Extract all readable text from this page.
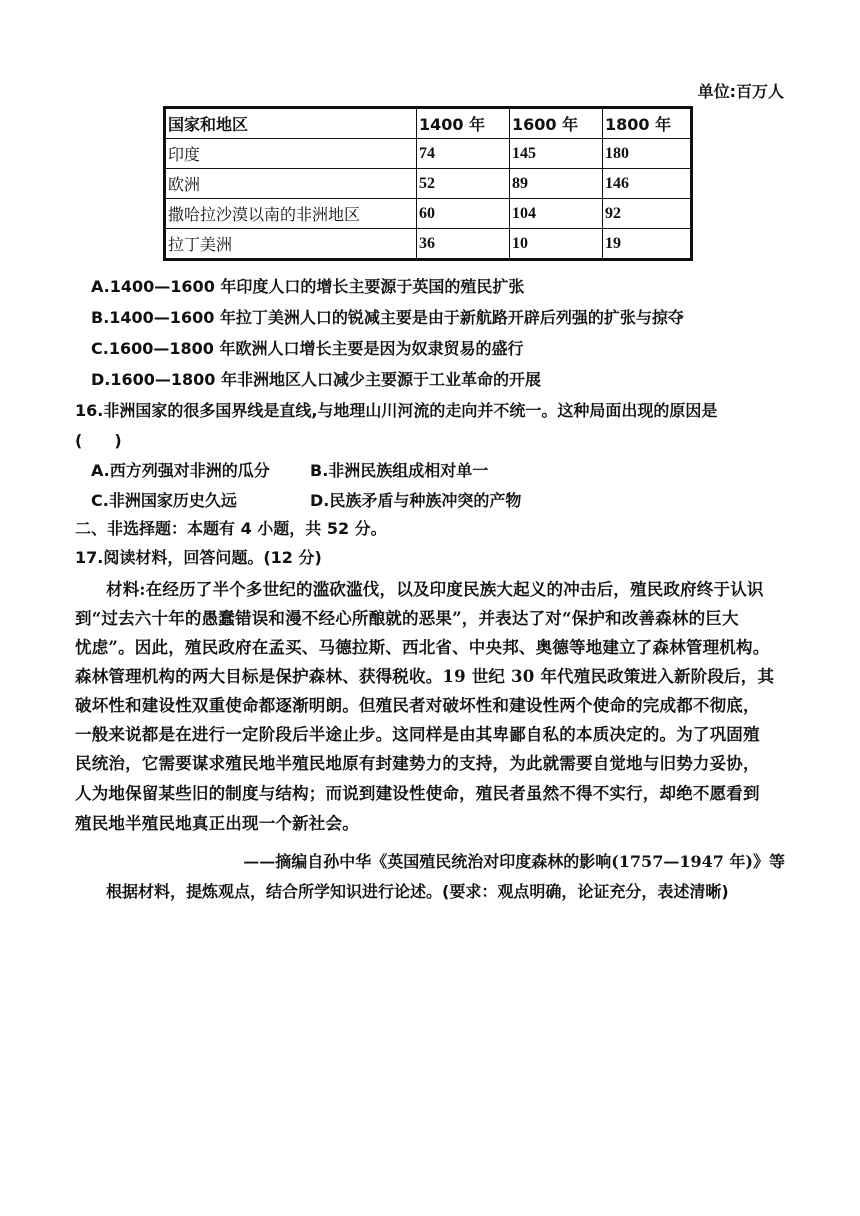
单位:百万人
国家和地区	1400 年	1600 年	1800 年
印度	74	145	180
欧洲	52	89	146
撒哈拉沙漠以南的非洲地区	60	104	92
拉丁美洲	36	10	19
A.1400—1600 年印度人口的增长主要源于英国的殖民扩张
B.1400—1600 年拉丁美洲人口的锐减主要是由于新航路开辟后列强的扩张与掠夺
C.1600—1800 年欧洲人口增长主要是因为奴隶贸易的盛行
D.1600—1800 年非洲地区人口减少主要源于工业革命的开展
16.非洲国家的很多国界线是直线,与地理山川河流的走向并不统一。这种局面出现的原因是
(　　)
A.西方列强对非洲的瓜分	B.非洲民族组成相对单一
C.非洲国家历史久远	D.民族矛盾与种族冲突的产物
二、非选择题：本题有 4 小题，共 52 分。
17.阅读材料，回答问题。(12 分)
材料:在经历了半个多世纪的滥砍滥伐，以及印度民族大起义的冲击后，殖民政府终于认识
到“过去六十年的愚蠢错误和漫不经心所酿就的恶果”，并表达了对“保护和改善森林的巨大
忧虑”。因此，殖民政府在孟买、马德拉斯、西北省、中央邦、奥德等地建立了森林管理机构。
森林管理机构的两大目标是保护森林、获得税收。19 世纪 30 年代殖民政策进入新阶段后，其
破坏性和建设性双重使命都逐渐明朗。但殖民者对破坏性和建设性两个使命的完成都不彻底，
一般来说都是在进行一定阶段后半途止步。这同样是由其卑鄙自私的本质决定的。为了巩固殖
民统治，它需要谋求殖民地半殖民地原有封建势力的支持，为此就需要自觉地与旧势力妥协，
人为地保留某些旧的制度与结构；而说到建设性使命，殖民者虽然不得不实行，却绝不愿看到
殖民地半殖民地真正出现一个新社会。
——摘编自孙中华《英国殖民统治对印度森林的影响(1757—1947 年)》等
根据材料，提炼观点，结合所学知识进行论述。(要求：观点明确，论证充分，表述清晰)
